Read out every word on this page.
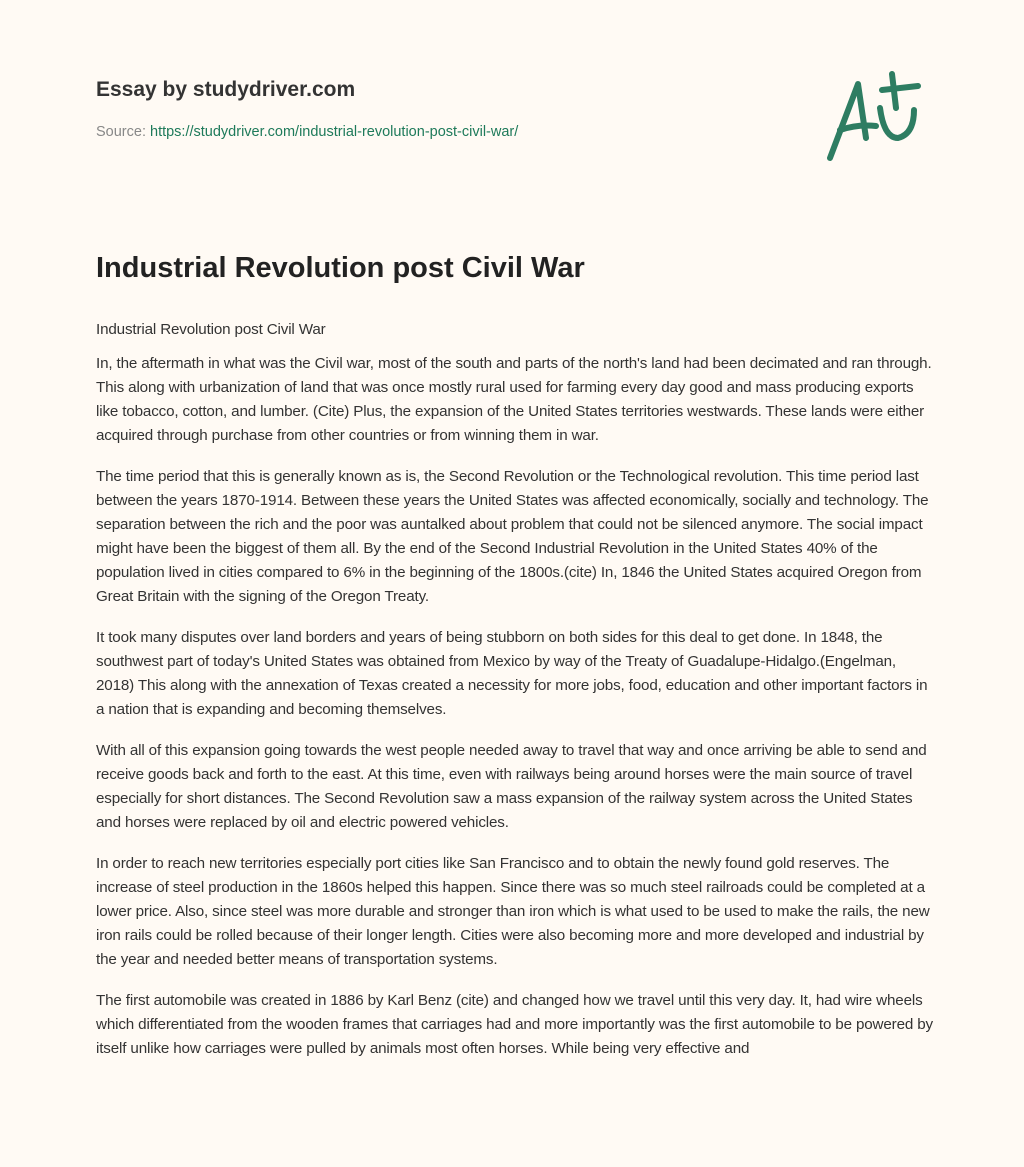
Essay by studydriver.com
Source: https://studydriver.com/industrial-revolution-post-civil-war/
Industrial Revolution post Civil War

Industrial Revolution post Civil War

In, the aftermath in what was the Civil war, most of the south and parts of the north's land had been decimated and ran through. This along with urbanization of land that was once mostly rural used for farming every day good and mass producing exports like tobacco, cotton, and lumber. (Cite) Plus, the expansion of the United States territories westwards. These lands were either acquired through purchase from other countries or from winning them in war.

The time period that this is generally known as is, the Second Revolution or the Technological revolution. This time period last between the years 1870-1914. Between these years the United States was affected economically, socially and technology. The separation between the rich and the poor was auntalked about problem that could not be silenced anymore. The social impact might have been the biggest of them all. By the end of the Second Industrial Revolution in the United States 40% of the population lived in cities compared to 6% in the beginning of the 1800s.(cite) In, 1846 the United States acquired Oregon from Great Britain with the signing of the Oregon Treaty.

It took many disputes over land borders and years of being stubborn on both sides for this deal to get done. In 1848, the southwest part of today's United States was obtained from Mexico by way of the Treaty of Guadalupe-Hidalgo.(Engelman, 2018) This along with the annexation of Texas created a necessity for more jobs, food, education and other important factors in a nation that is expanding and becoming themselves.

With all of this expansion going towards the west people needed away to travel that way and once arriving be able to send and receive goods back and forth to the east. At this time, even with railways being around horses were the main source of travel especially for short distances. The Second Revolution saw a mass expansion of the railway system across the United States and horses were replaced by oil and electric powered vehicles.

In order to reach new territories especially port cities like San Francisco and to obtain the newly found gold reserves. The increase of steel production in the 1860s helped this happen. Since there was so much steel railroads could be completed at a lower price. Also, since steel was more durable and stronger than iron which is what used to be used to make the rails, the new iron rails could be rolled because of their longer length. Cities were also becoming more and more developed and industrial by the year and needed better means of transportation systems.

The first automobile was created in 1886 by Karl Benz (cite) and changed how we travel until this very day. It, had wire wheels which differentiated from the wooden frames that carriages had and more importantly was the first automobile to be powered by itself unlike how carriages were pulled by animals most often horses. While being very effective and
